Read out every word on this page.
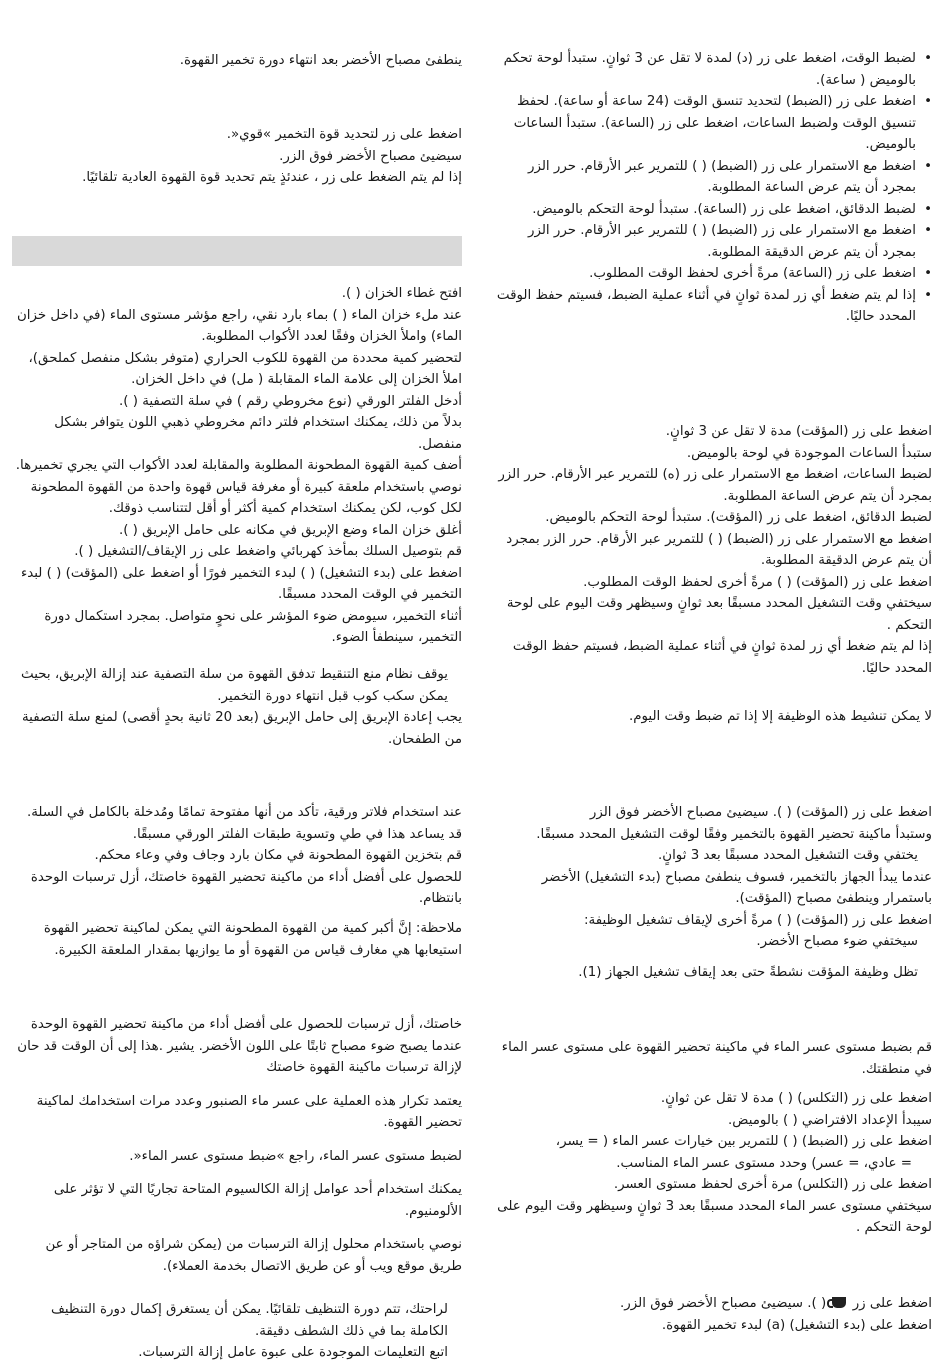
• لضبط الوقت، اضغط على زر (د) لمدة لا تقل عن 3 ثوانٍ. ستبدأ لوحة تحكم بالوميض ( ساعة).

• اضغط على زر (الضبط) لتحديد تنسق الوقت (24 ساعة أو ساعة). لحفظ تنسيق الوقت ولضبط الساعات، اضغط على زر (الساعة). ستبدأ الساعات بالوميض.

• اضغط مع الاستمرار على زر (الضبط) ( ) للتمرير عبر الأرقام. حرر الزر بمجرد أن يتم عرض الساعة المطلوبة.

• لضبط الدقائق، اضغط على زر (الساعة). ستبدأ لوحة التحكم بالوميض.

• اضغط مع الاستمرار على زر (الضبط) ( ) للتمرير عبر الأرقام. حرر الزر بمجرد أن يتم عرض الدقيقة المطلوبة.

• اضغط على زر (الساعة) مرةً أخرى لحفظ الوقت المطلوب.

• إذا لم يتم ضغط أي زر لمدة ثوانٍ في أثناء عملية الضبط، فسيتم حفظ الوقت المحدد حاليًا.

اضغط على زر (المؤقت) مدة لا تقل عن 3 ثوانٍ.

ستبدأ الساعات الموجودة في لوحة بالوميض.

لضبط الساعات، اضغط مع الاستمرار على زر (ه) للتمرير عبر الأرقام. حرر الزر بمجرد أن يتم عرض الساعة المطلوبة.

لضبط الدقائق، اضغط على زر (المؤقت). ستبدأ لوحة التحكم بالوميض.

اضغط مع الاستمرار على زر (الضبط) ( ) للتمرير عبر الأرقام. حرر الزر بمجرد أن يتم عرض الدقيقة المطلوبة.

اضغط على زر (المؤقت) ( ) مرةً أخرى لحفظ الوقت المطلوب.

سيختفي وقت التشغيل المحدد مسبقًا بعد ثوانٍ وسيظهر وقت اليوم على لوحة التحكم .

إذا لم يتم ضغط أي زر لمدة ثوانٍ في أثناء عملية الضبط، فسيتم حفظ الوقت المحدد حاليًا.

لا يمكن تنشيط هذه الوظيفة إلا إذا تم ضبط وقت اليوم.

اضغط على زر (المؤقت) ( ). سيضيئ مصباح الأخضر فوق الزر

وستبدأ ماكينة تحضير القهوة بالتخمير وفقًا لوقت التشغيل المحدد مسبقًا.

يختفي وقت التشغيل المحدد مسبقًا بعد 3 ثوانٍ.

عندما يبدأ الجهاز بالتخمير، فسوف ينطفئ مصباح (بدء التشغيل) الأخضر باستمرار وينطفئ مصباح (المؤقت).

اضغط على زر (المؤقت) ( ) مرةً أخرى لإيقاف تشغيل الوظيفة:

سيختفي ضوء مصباح الأخضر.

تظل وظيفة المؤقت نشطةً حتى بعد إيقاف تشغيل الجهاز (1).

قم بضبط مستوى عسر الماء في ماكينة تحضير القهوة على مستوى عسر الماء في منطقتك.

اضغط على زر (التكلس) ( ) مدة لا تقل عن ثوانٍ.

سيبدأ الإعداد الافتراضي ( ) بالوميض.

اضغط على زر (الضبط) ( ) للتمرير بين خيارات عسر الماء ( = يسر،

= عادي، = عسر) وحدد مستوى عسر الماء المناسب.

اضغط على زر (التكلس) مرة أخرى لحفظ مستوى العسر.

سيختفي مستوى عسر الماء المحدد مسبقًا بعد 3 ثوانٍ وسيظهر وقت اليوم على لوحة التحكم .

اضغط على زر  ( ). سيضيئ مصباح الأخضر فوق الزر.

اضغط على (بدء التشغيل) (a) لبدء تخمير القهوة.

ينطفئ مصباح الأخضر بعد انتهاء دورة تخمير القهوة.

اضغط على زر لتحديد قوة التخمير »قوي«.

سيضيئ مصباح الأخضر فوق الزر.

إذا لم يتم الضغط على زر ، عندئذٍ يتم تحديد قوة القهوة العادية تلقائيًا.

افتح غطاء الخزان ( ).

عند ملء خزان الماء ( ) بماء بارد نقي، راجع مؤشر مستوى الماء (في داخل خزان الماء) واملأ الخزان وفقًا لعدد الأكواب المطلوبة.

لتحضير كمية محددة من القهوة للكوب الحراري (متوفر بشكل منفصل كملحق)، املأ الخزان إلى علامة الماء المقابلة ( مل) في داخل الخزان.

أدخل الفلتر الورقي (نوع مخروطي رقم ) في سلة التصفية ( ).

بدلاً من ذلك، يمكنك استخدام فلتر دائم مخروطي ذهبي اللون يتوافر بشكل منفصل.

أضف كمية القهوة المطحونة المطلوبة والمقابلة لعدد الأكواب التي يجري تخميرها. نوصي باستخدام ملعقة كبيرة أو مغرفة قياس قهوة واحدة من القهوة المطحونة لكل كوب، لكن يمكنك استخدام كمية أكثر أو أقل لتتناسب ذوقك.

أغلق خزان الماء وضع الإبريق في مكانه على حامل الإبريق ( ).

قم بتوصيل السلك بمأخذ كهربائي واضغط على زر الإيقاف/التشغيل ( ).

اضغط على (بدء التشغيل) ( ) لبدء التخمير فورًا أو اضغط على (المؤقت) ( ) لبدء التخمير في الوقت المحدد مسبقًا.

أثناء التخمير، سيومض ضوء المؤشر على نحوٍ متواصل. بمجرد استكمال دورة التخمير، سينطفأ الضوء.

يوقف نظام منع التنقيط تدفق القهوة من سلة التصفية عند إزالة الإبريق، بحيث يمكن سكب كوب قبل انتهاء دورة التخمير.

يجب إعادة الإبريق إلى حامل الإبريق (بعد 20 ثانية بحدٍ أقصى) لمنع سلة التصفية من الطفحان.

عند استخدام فلاتر ورقية، تأكد من أنها مفتوحة تمامًا ومُدخلة بالكامل في السلة.

قد يساعد هذا في طي وتسوية طبقات الفلتر الورقي مسبقًا.

قم بتخزين القهوة المطحونة في مكان بارد وجاف وفي وعاء محكم.

للحصول على أفضل أداء من ماكينة تحضير القهوة خاصتك، أزل ترسبات الوحدة بانتظام.

ملاحظة: إنَّ أكبر كمية من القهوة المطحونة التي يمكن لماكينة تحضير القهوة استيعابها هي مغارف قياس من القهوة أو ما يوازيها بمقدار الملعقة الكبيرة.

خاصتك، أزل ترسبات للحصول على أفضل أداء من ماكينة تحضير القهوة الوحدة عندما يصبح ضوء مصباح ثابتًا على اللون الأخضر. يشير .هذا إلى أن الوقت قد حان لإزالة ترسبات ماكينة القهوة خاصتك

يعتمد تكرار هذه العملية على عسر ماء الصنبور وعدد مرات استخدامك لماكينة تحضير القهوة.

لضبط مستوى عسر الماء، راجع »ضبط مستوى عسر الماء«.

يمكنك استخدام أحد عوامل إزالة الكالسيوم المتاحة تجاريًا التي لا تؤثر على الألومنيوم.

نوصي باستخدام محلول إزالة الترسبات من (يمكن شراؤه من المتاجر أو عن طريق موقع ويب أو عن طريق الاتصال بخدمة العملاء).

لراحتك، تتم دورة التنظيف تلقائيًا. يمكن أن يستغرق إكمال دورة التنظيف الكاملة بما في ذلك الشطف دقيقة.

اتبع التعليمات الموجودة على عبوة عامل إزالة الترسبات.
